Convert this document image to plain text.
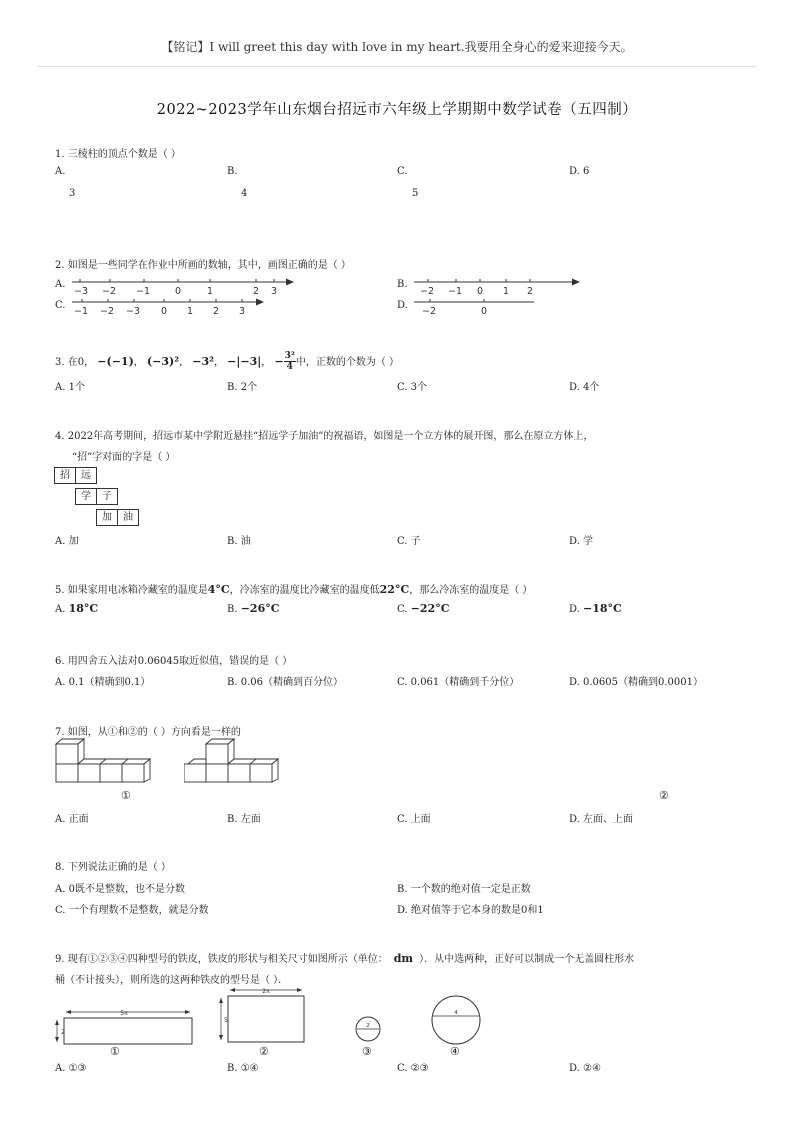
【铭记】I will greet this day with love in my heart.我要用全身心的爱来迎接今天。
2022~2023学年山东烟台招远市六年级上学期期中数学试卷（五四制）
1. 三棱柱的顶点个数是（ ）
A.	B.	C.	D. 6
3	4	5
2. 如图是一些同学在作业中所画的数轴，其中，画图正确的是（ ）
A.	B.
C.	D.
−3 −2 −1	0	1	2 3	−2 −1 0 1 2
−1 −2 −3 0 1 2 3	−2	0
3. 在0， −(−1)， (−3)²， −3²， −|−3|， − $\frac{\text{3²}}{4}$ 中，正数的个数为（ ）
A. 1个	B. 2个	C. 3个	D. 4个
4. 2022年高考期间，招远市某中学附近悬挂“招远学子加油”的祝福语，如图是一个立方体的展开图，那么在原立方体上，
“招”字对面的字是（ ）
招	远
学	子
加	油
A. 加	B. 油	C. 子	D. 学
5. 如果家用电冰箱冷藏室的温度是4°C，冷冻室的温度比冷藏室的温度低22°C，那么冷冻室的温度是（ ）
A. 18°C	B. −26°C	C. −22°C	D. −18°C
6. 用四舍五入法对0.06045取近似值，错误的是（ ）
A. 0.1（精确到0.1）	B. 0.06（精确到百分位）	C. 0.061（精确到千分位）	D. 0.0605（精确到0.0001）
7. 如图，从①和②的（ ）方向看是一样的
①	②
A. 正面	B. 左面	C. 上面	D. 左面、上面
8. 下列说法正确的是（ ）
A. 0既不是整数，也不是分数	B. 一个数的绝对值一定是正数
C. 一个有理数不是整数，就是分数	D. 绝对值等于它本身的数是0和1
9. 现有①②③④四种型号的铁皮，铁皮的形状与相关尺寸如图所示（单位： dm ）．从中选两种，正好可以制成一个无盖圆柱形水
桶（不计接头），则所选的这两种铁皮的型号是（ ）．
5π
2
2π
5
2
4
①	②	③	④
A. ①③	B. ①④	C. ②③	D. ②④
